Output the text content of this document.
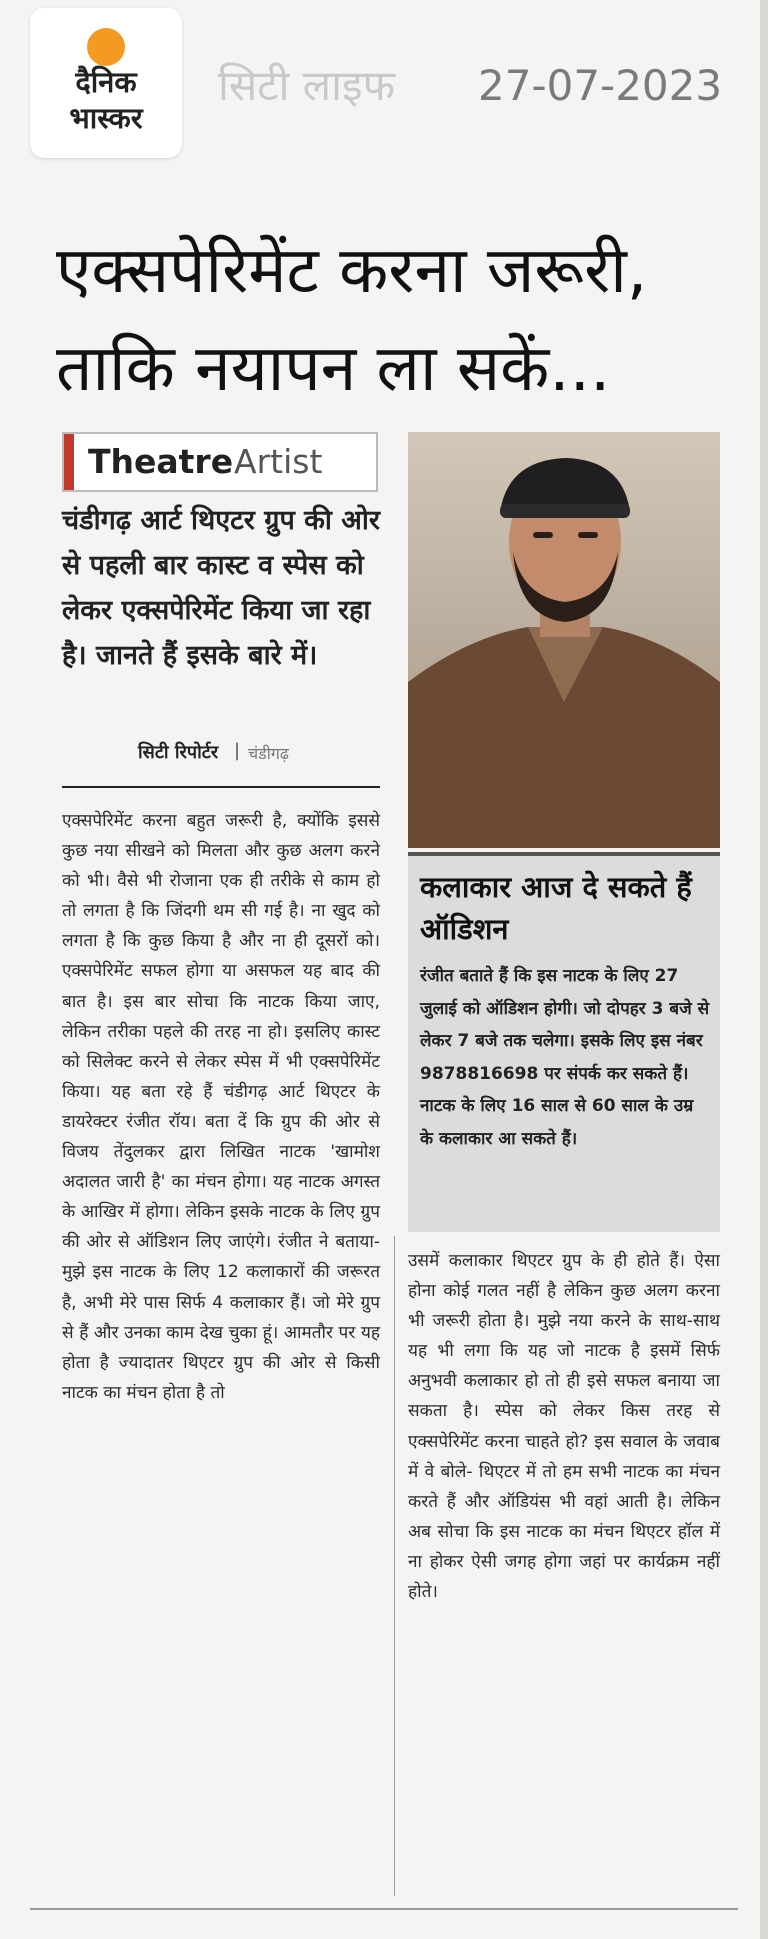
दैनिक
भास्कर
सिटी लाइफ 27-07-2023
एक्सपेरिमेंट करना जरूरी, ताकि नयापन ला सकें...
Theatre Artist
चंडीगढ़ आर्ट थिएटर ग्रुप की ओर से पहली बार कास्ट व स्पेस को लेकर एक्सपेरिमेंट किया जा रहा है। जानते हैं इसके बारे में।
सिटी रिपोर्टर | चंडीगढ़
कलाकार आज दे सकते हैं ऑडिशन
रंजीत बताते हैं कि इस नाटक के लिए 27 जुलाई को ऑडिशन होगी। जो दोपहर 3 बजे से लेकर 7 बजे तक चलेगा। इसके लिए इस नंबर 9878816698 पर संपर्क कर सकते हैं। नाटक के लिए 16 साल से 60 साल के उम्र के कलाकार आ सकते हैं।
एक्सपेरिमेंट करना बहुत जरूरी है, क्योंकि इससे कुछ नया सीखने को मिलता और कुछ अलग करने को भी। वैसे भी रोजाना एक ही तरीके से काम हो तो लगता है कि जिंदगी थम सी गई है। ना खुद को लगता है कि कुछ किया है और ना ही दूसरों को। एक्सपेरिमेंट सफल होगा या असफल यह बाद की बात है। इस बार सोचा कि नाटक किया जाए, लेकिन तरीका पहले की तरह ना हो। इसलिए कास्ट को सिलेक्ट करने से लेकर स्पेस में भी एक्सपेरिमेंट किया। यह बता रहे हैं चंडीगढ़ आर्ट थिएटर के डायरेक्टर रंजीत रॉय। बता दें कि ग्रुप की ओर से विजय तेंदुलकर द्वारा लिखित नाटक 'खामोश अदालत जारी है' का मंचन होगा। यह नाटक अगस्त के आखिर में होगा। लेकिन इसके नाटक के लिए ग्रुप की ओर से ऑडिशन लिए जाएंगे। रंजीत ने बताया- मुझे इस नाटक के लिए 12 कलाकारों की जरूरत है, अभी मेरे पास सिर्फ 4 कलाकार हैं। जो मेरे ग्रुप से हैं और उनका काम देख चुका हूं। आमतौर पर यह होता है ज्यादातर थिएटर ग्रुप की ओर से किसी नाटक का मंचन होता है तो
उसमें कलाकार थिएटर ग्रुप के ही होते हैं। ऐसा होना कोई गलत नहीं है लेकिन कुछ अलग करना भी जरूरी होता है। मुझे नया करने के साथ-साथ यह भी लगा कि यह जो नाटक है इसमें सिर्फ अनुभवी कलाकार हो तो ही इसे सफल बनाया जा सकता है। स्पेस को लेकर किस तरह से एक्सपेरिमेंट करना चाहते हो? इस सवाल के जवाब में वे बोले- थिएटर में तो हम सभी नाटक का मंचन करते हैं और ऑडियंस भी वहां आती है। लेकिन अब सोचा कि इस नाटक का मंचन थिएटर हॉल में ना होकर ऐसी जगह होगा जहां पर कार्यक्रम नहीं होते।
